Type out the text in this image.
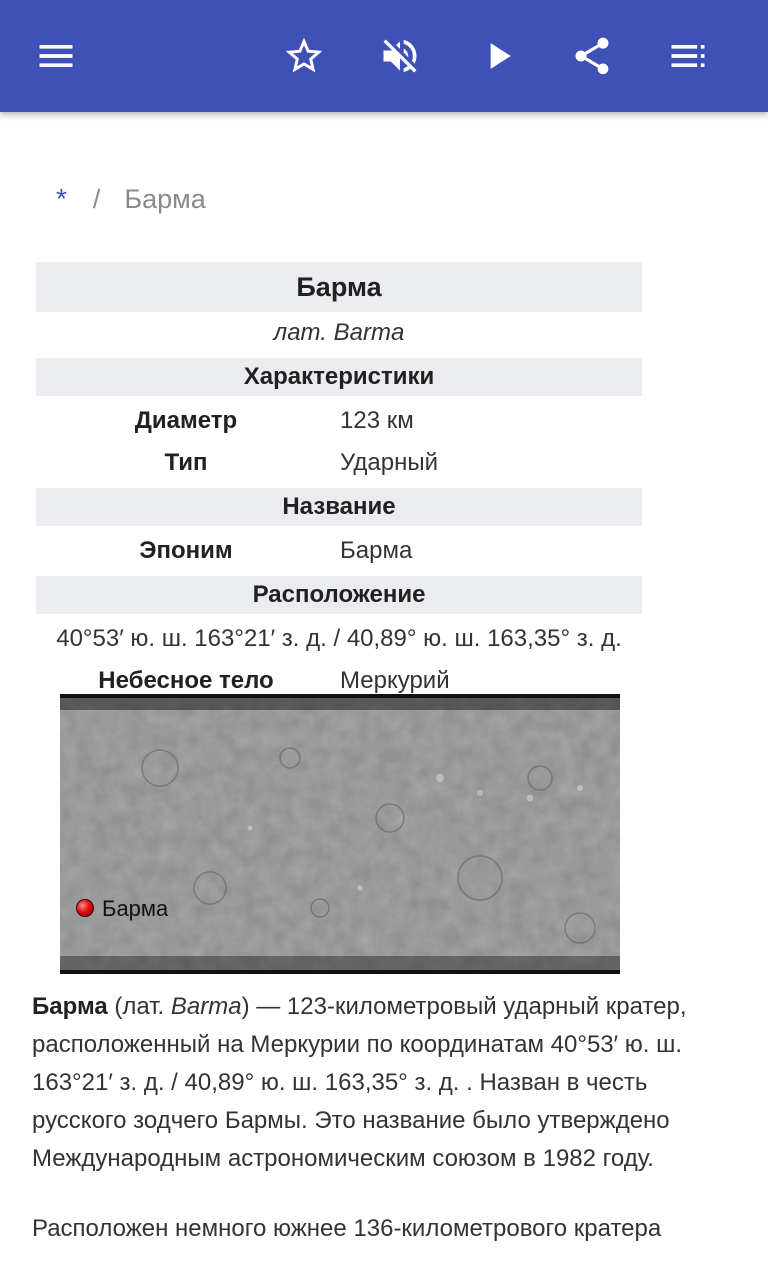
* / Барма
Барма
лат. Barma
Характеристики
Диаметр	123 км
Тип	Ударный
Название
Эпоним	Барма
Расположение
40°53′ ю. ш. 163°21′ з. д. / 40,89° ю. ш. 163,35° з. д.
Небесное тело	Меркурий
Барма

Барма (лат. Barma) — 123-километровый ударный кратер, расположенный на Меркурии по координатам 40°53′ ю. ш. 163°21′ з. д. / 40,89° ю. ш. 163,35° з. д. . Назван в честь русского зодчего Бармы. Это название было утверждено Международным астрономическим союзом в 1982 году.

Расположен немного южнее 136-километрового кратера
